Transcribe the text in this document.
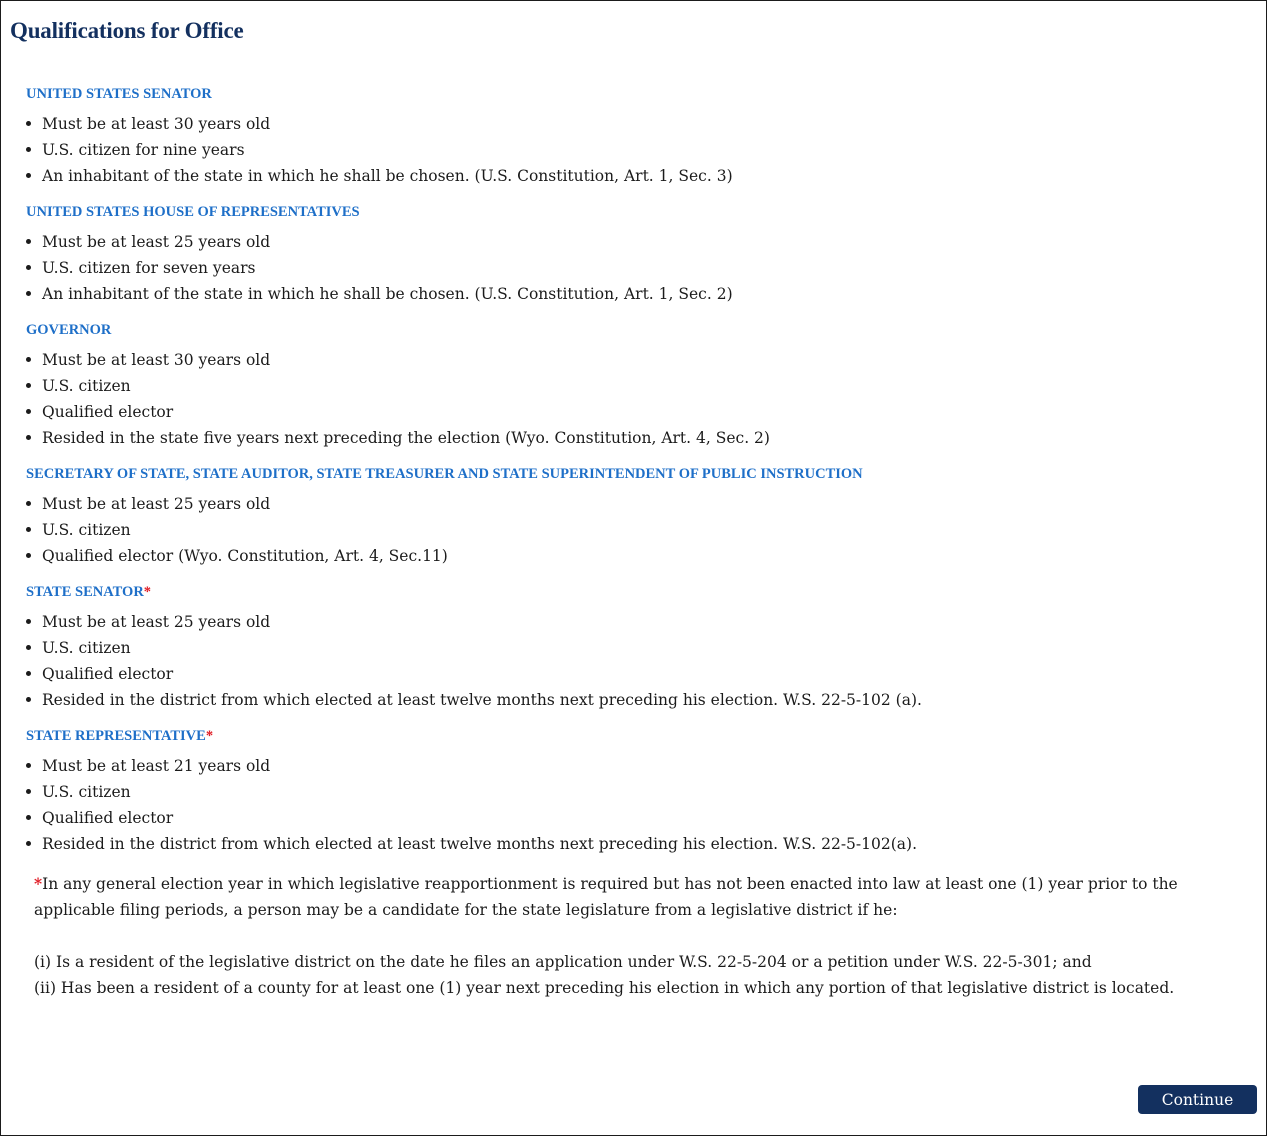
Qualifications for Office
UNITED STATES SENATOR
Must be at least 30 years old
U.S. citizen for nine years
An inhabitant of the state in which he shall be chosen. (U.S. Constitution, Art. 1, Sec. 3)
UNITED STATES HOUSE OF REPRESENTATIVES
Must be at least 25 years old
U.S. citizen for seven years
An inhabitant of the state in which he shall be chosen. (U.S. Constitution, Art. 1, Sec. 2)
GOVERNOR
Must be at least 30 years old
U.S. citizen
Qualified elector
Resided in the state five years next preceding the election (Wyo. Constitution, Art. 4, Sec. 2)
SECRETARY OF STATE, STATE AUDITOR, STATE TREASURER AND STATE SUPERINTENDENT OF PUBLIC INSTRUCTION
Must be at least 25 years old
U.S. citizen
Qualified elector (Wyo. Constitution, Art. 4, Sec.11)
STATE SENATOR*
Must be at least 25 years old
U.S. citizen
Qualified elector
Resided in the district from which elected at least twelve months next preceding his election. W.S. 22-5-102 (a).
STATE REPRESENTATIVE*
Must be at least 21 years old
U.S. citizen
Qualified elector
Resided in the district from which elected at least twelve months next preceding his election. W.S. 22-5-102(a).

*In any general election year in which legislative reapportionment is required but has not been enacted into law at least one (1) year prior to the applicable filing periods, a person may be a candidate for the state legislature from a legislative district if he:

(i) Is a resident of the legislative district on the date he files an application under W.S. 22-5-204 or a petition under W.S. 22-5-301; and

(ii) Has been a resident of a county for at least one (1) year next preceding his election in which any portion of that legislative district is located.

Continue
